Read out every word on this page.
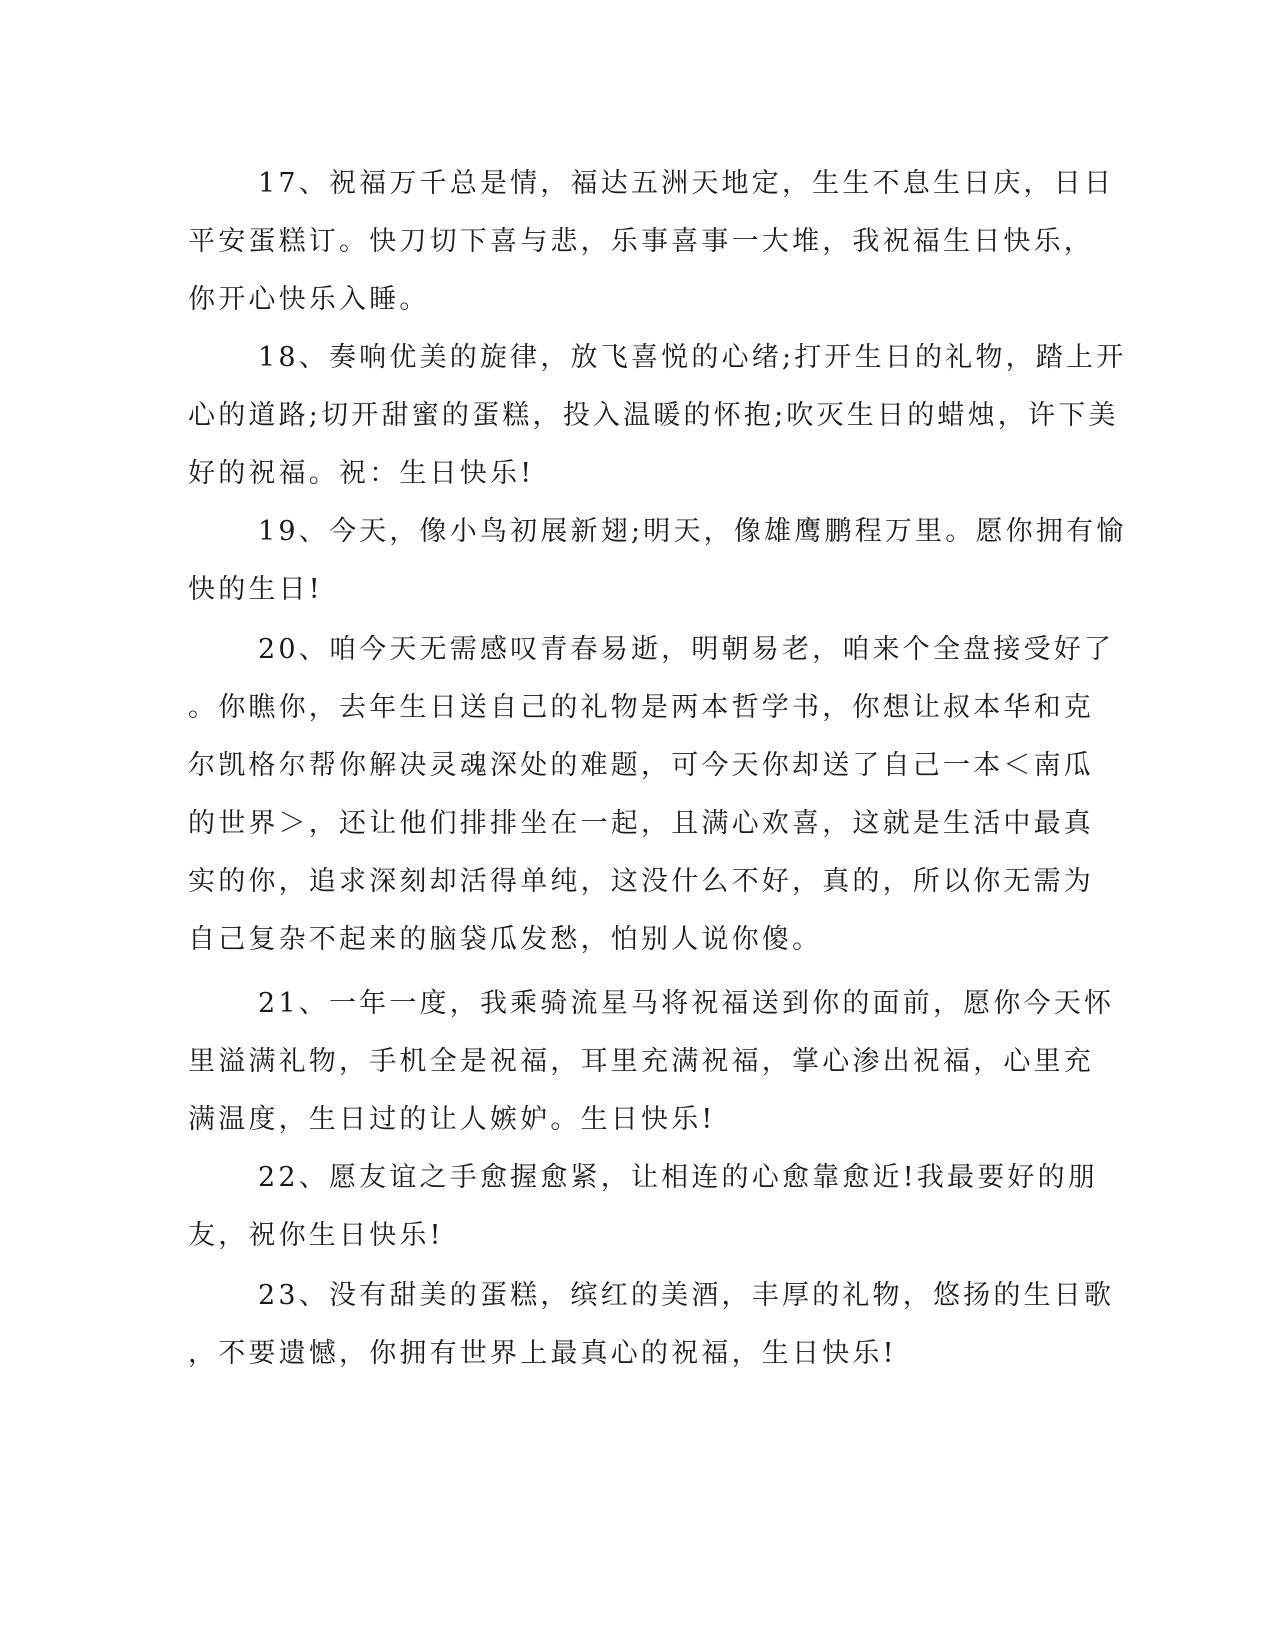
17、祝福万千总是情，福达五洲天地定，生生不息生日庆，日日
平安蛋糕订。快刀切下喜与悲，乐事喜事一大堆，我祝福生日快乐，
你开心快乐入睡。
18、奏响优美的旋律，放飞喜悦的心绪;打开生日的礼物，踏上开
心的道路;切开甜蜜的蛋糕，投入温暖的怀抱;吹灭生日的蜡烛，许下美
好的祝福。祝：生日快乐!
19、今天，像小鸟初展新翅;明天，像雄鹰鹏程万里。愿你拥有愉
快的生日!
20、咱今天无需感叹青春易逝，明朝易老，咱来个全盘接受好了
。你瞧你，去年生日送自己的礼物是两本哲学书，你想让叔本华和克
尔凯格尔帮你解决灵魂深处的难题，可今天你却送了自己一本＜南瓜
的世界＞，还让他们排排坐在一起，且满心欢喜，这就是生活中最真
实的你，追求深刻却活得单纯，这没什么不好，真的，所以你无需为
自己复杂不起来的脑袋瓜发愁，怕别人说你傻。
21、一年一度，我乘骑流星马将祝福送到你的面前，愿你今天怀
里溢满礼物，手机全是祝福，耳里充满祝福，掌心渗出祝福，心里充
满温度，生日过的让人嫉妒。生日快乐!
22、愿友谊之手愈握愈紧，让相连的心愈靠愈近!我最要好的朋
友，祝你生日快乐!
23、没有甜美的蛋糕，缤红的美酒，丰厚的礼物，悠扬的生日歌
，不要遗憾，你拥有世界上最真心的祝福，生日快乐!
